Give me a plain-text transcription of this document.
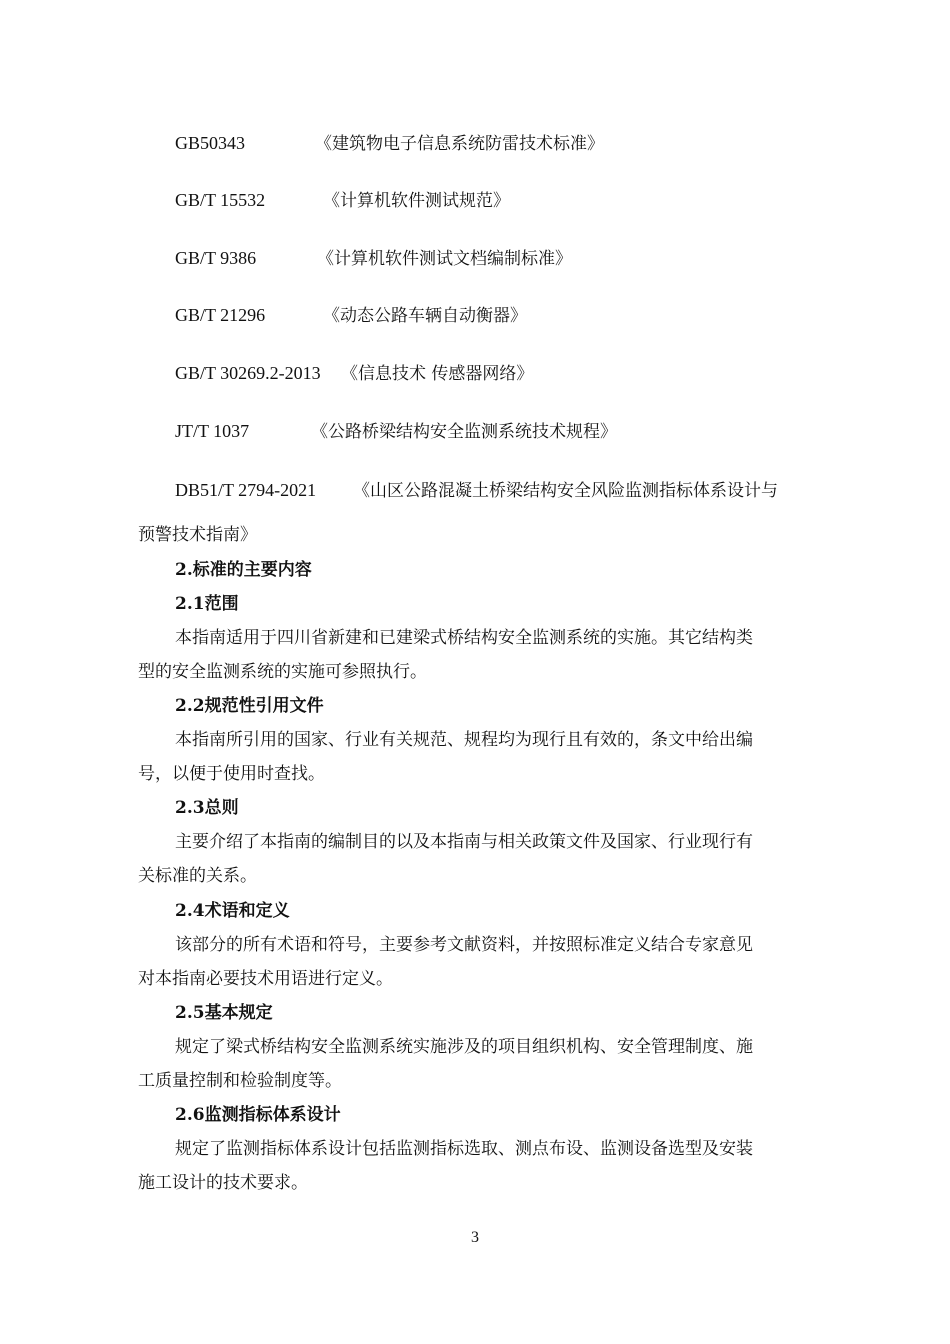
GB50343	《建筑物电子信息系统防雷技术标准》
GB/T 15532	《计算机软件测试规范》
GB/T 9386	《计算机软件测试文档编制标准》
GB/T 21296	《动态公路车辆自动衡器》
GB/T 30269.2-2013 《信息技术 传感器网络》
JT/T 1037	《公路桥梁结构安全监测系统技术规程》
DB51/T 2794-2021 《山区公路混凝土桥梁结构安全风险监测指标体系设计与
预警技术指南》
2.标准的主要内容
2.1范围
本指南适用于四川省新建和已建梁式桥结构安全监测系统的实施。其它结构类
型的安全监测系统的实施可参照执行。
2.2规范性引用文件
本指南所引用的国家、行业有关规范、规程均为现行且有效的，条文中给出编
号，以便于使用时查找。
2.3总则
主要介绍了本指南的编制目的以及本指南与相关政策文件及国家、行业现行有
关标准的关系。
2.4术语和定义
该部分的所有术语和符号，主要参考文献资料，并按照标准定义结合专家意见
对本指南必要技术用语进行定义。
2.5基本规定
规定了梁式桥结构安全监测系统实施涉及的项目组织机构、安全管理制度、施
工质量控制和检验制度等。
2.6监测指标体系设计
规定了监测指标体系设计包括监测指标选取、测点布设、监测设备选型及安装
施工设计的技术要求。
3
